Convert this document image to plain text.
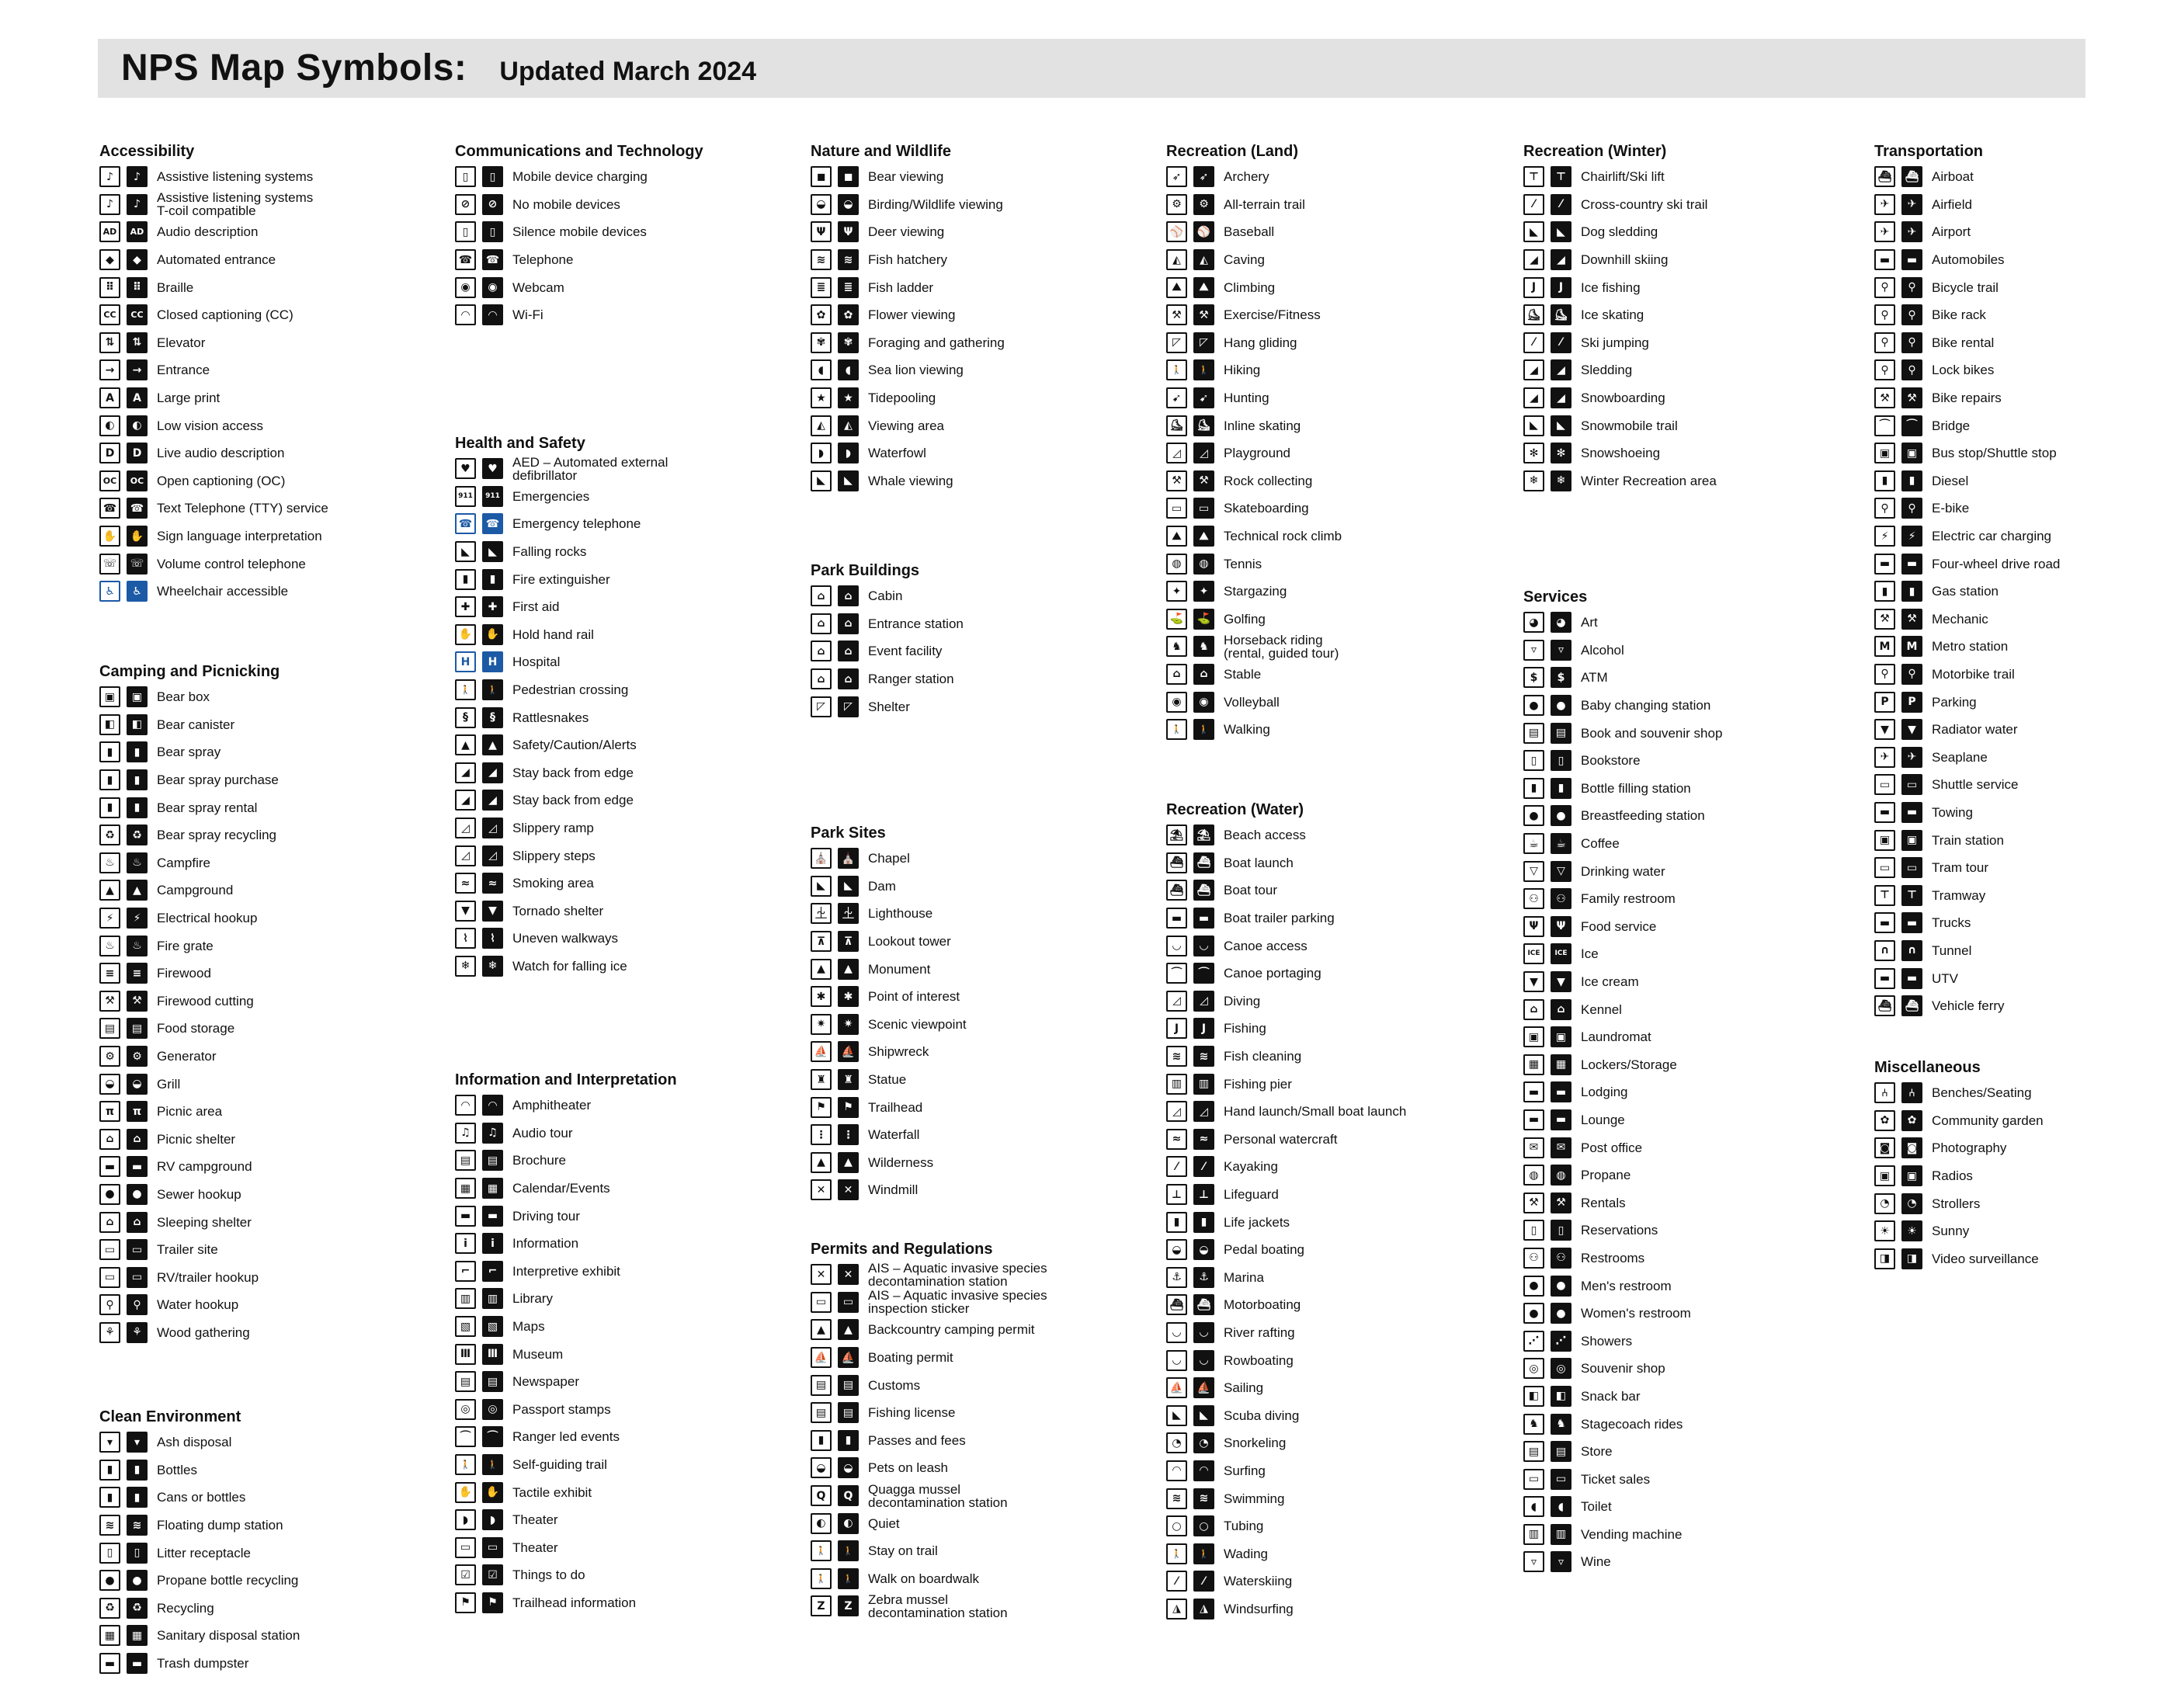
NPS Map Symbols: Updated March 2024
Accessibility
♪	♪	Assistive listening systems
♪	♪	Assistive listening systems
T-coil compatible
AD	AD Audio description
◆	◆	Automated entrance
⠿	⠿	Braille
CC	CC	Closed captioning (CC)
⇅	⇅	Elevator
→	→	Entrance
A	A	Large print
◐	◐	Low vision access
D	D	Live audio description
OC	OC Open captioning (OC)
☎	☎ Text Telephone (TTY) service
✋	✋ Sign language interpretation
☏	☏ Volume control telephone
♿	♿	Wheelchair accessible
Camping and Picnicking
▣	▣	Bear box
◧	◧	Bear canister
▮	▮	Bear spray
▮	▮	Bear spray purchase
▮	▮	Bear spray rental
♻	♻	Bear spray recycling
♨	♨	Campfire
▲	▲	Campground
⚡	⚡	Electrical hookup
♨	♨	Fire grate
≡	≡	Firewood
⚒	⚒	Firewood cutting
▤	▤	Food storage
⚙	⚙	Generator
◒	◒	Grill
π	π	Picnic area
⌂	⌂	Picnic shelter
▬	▬	RV campground
●	●	Sewer hookup
⌂	⌂	Sleeping shelter
▭	▭	Trailer site
▭	▭	RV/trailer hookup
⚲	⚲	Water hookup
⚘	⚘	Wood gathering
Clean Environment
▾	▾	Ash disposal
▮	▮	Bottles
▮	▮	Cans or bottles
≋	≋	Floating dump station
▯	▯	Litter receptacle
●	●	Propane bottle recycling
♻	♻	Recycling
▦	▦	Sanitary disposal station
▬	▬	Trash dumpster
Communications and Technology
▯	▯	Mobile device charging
⊘	⊘	No mobile devices
▯	▯	Silence mobile devices
☎	☎ Telephone
◉	◉	Webcam
◠	◠	Wi-Fi
Health and Safety
♥	♥	AED – Automated external
defibrillator
911	911 Emergencies
☎	☎ Emergency telephone
◣	◣	Falling rocks
▮	▮	Fire extinguisher
✚	✚	First aid
✋	✋ Hold hand rail
H	H	Hospital
🚶	🚶	Pedestrian crossing
§	§	Rattlesnakes
▲	▲	Safety/Caution/Alerts
◢	◢	Stay back from edge
◢	◢	Stay back from edge
◿	◿	Slippery ramp
◿	◿	Slippery steps
≈	≈	Smoking area
▼	▼	Tornado shelter
⌇	⌇	Uneven walkways
❄	❄	Watch for falling ice
Information and Interpretation
◠	◠	Amphitheater
♫	♫	Audio tour
▤	▤	Brochure
▦	▦	Calendar/Events
▬	▬	Driving tour
i	i	Information
⌐	⌐	Interpretive exhibit
▥	▥	Library
▧	▧	Maps
Ⅲ	Ⅲ	Museum
▤	▤	Newspaper
◎	◎	Passport stamps
⌒	⌒	Ranger led events
🚶	🚶	Self-guiding trail
✋	✋ Tactile exhibit
◗	◗	Theater
▭	▭	Theater
☑	☑	Things to do
⚑	⚑	Trailhead information
Nature and Wildlife
◼	◼	Bear viewing
◒	◒	Birding/Wildlife viewing
Ψ	Ψ	Deer viewing
≋	≋	Fish hatchery
≣	≣	Fish ladder
✿	✿	Flower viewing
✾	✾	Foraging and gathering
◖	◖	Sea lion viewing
★	★	Tidepooling
◭	◭	Viewing area
◗	◗	Waterfowl
◣	◣	Whale viewing
Park Buildings
⌂	⌂	Cabin
⌂	⌂	Entrance station
⌂	⌂	Event facility
⌂	⌂	Ranger station
◸	◸	Shelter
Park Sites
⛪	⛪ Chapel
◣	◣	Dam
⏈	⏈	Lighthouse
⊼	⊼	Lookout tower
▲	▲	Monument
✱	✱	Point of interest
✷	✷	Scenic viewpoint
⛵	⛵ Shipwreck
♜	♜	Statue
⚑	⚑	Trailhead
⋮	⋮	Waterfall
▲	▲	Wilderness
✕	✕	Windmill
Permits and Regulations
✕	✕	AIS – Aquatic invasive species
decontamination station
▭	▭	AIS – Aquatic invasive species
inspection sticker
▲	▲	Backcountry camping permit
⛵	⛵ Boating permit
▤	▤	Customs
▤	▤	Fishing license
▮	▮	Passes and fees
◒	◒	Pets on leash
Q	Q	Quagga mussel
decontamination station
◐	◐	Quiet
🚶	🚶	Stay on trail
🚶	🚶	Walk on boardwalk
Z	Z	Zebra mussel
decontamination station
Recreation (Land)
➶	➶	Archery
⚙	⚙	All-terrain trail
⚾	⚾ Baseball
◭	◭	Caving
⛰	⛰	Climbing
⚒	⚒	Exercise/Fitness
◸	◸	Hang gliding
🚶	🚶	Hiking
➹	➹	Hunting
⛸	⛸ Inline skating
◿	◿	Playground
⚒	⚒	Rock collecting
▭	▭	Skateboarding
⛰	⛰	Technical rock climb
◍	◍	Tennis
✦	✦	Stargazing
⛳	⛳ Golfing
♞	♞	Horseback riding
(rental, guided tour)
⌂	⌂	Stable
◉	◉	Volleyball
🚶	🚶	Walking
Recreation (Water)
⛱	⛱ Beach access
⛴	⛴ Boat launch
⛴	⛴ Boat tour
▬	▬	Boat trailer parking
◡	◡	Canoe access
⌒	⌒	Canoe portaging
◿	◿	Diving
J	J	Fishing
≋	≋	Fish cleaning
▥	▥	Fishing pier
◿	◿	Hand launch/Small boat launch
≈	≈	Personal watercraft
⁄	⁄	Kayaking
⊥	⊥	Lifeguard
▮	▮	Life jackets
◒	◒	Pedal boating
⚓	⚓	Marina
⛴	⛴ Motorboating
◡	◡	River rafting
◡	◡	Rowboating
⛵	⛵ Sailing
◣	◣	Scuba diving
◔	◔	Snorkeling
◠	◠	Surfing
≋	≋	Swimming
○	○	Tubing
🚶	🚶	Wading
⁄	⁄	Waterskiing
◮	◮	Windsurfing
Recreation (Winter)
⊤	⊤	Chairlift/Ski lift
⁄	⁄	Cross-country ski trail
◣	◣	Dog sledding
◢	◢	Downhill skiing
J	J	Ice fishing
⛸	⛸ Ice skating
⁄	⁄	Ski jumping
◢	◢	Sledding
◢	◢	Snowboarding
◣	◣	Snowmobile trail
✻	✻	Snowshoeing
❄	❄	Winter Recreation area
Services
◕	◕	Art
▿	▿	Alcohol
$	$	ATM
●	●	Baby changing station
▤	▤	Book and souvenir shop
▯	▯	Bookstore
▮	▮	Bottle filling station
●	●	Breastfeeding station
☕	☕	Coffee
▽	▽	Drinking water
⚇	⚇	Family restroom
Ψ	Ψ	Food service
ICE	ICE	Ice
▼	▼	Ice cream
⌂	⌂	Kennel
▣	▣	Laundromat
▦	▦	Lockers/Storage
▬	▬	Lodging
▬	▬	Lounge
✉	✉	Post office
◍	◍	Propane
⚒	⚒	Rentals
▯	▯	Reservations
⚇	⚇	Restrooms
●	●	Men's restroom
●	●	Women's restroom
⋰	⋰	Showers
◎	◎	Souvenir shop
◧	◧	Snack bar
♞	♞	Stagecoach rides
▤	▤	Store
▭	▭	Ticket sales
◖	◖	Toilet
▥	▥	Vending machine
▿	▿	Wine
Transportation
⛴	⛴ Airboat
✈	✈	Airfield
✈	✈	Airport
▬	▬	Automobiles
⚲	⚲	Bicycle trail
⚲	⚲	Bike rack
⚲	⚲	Bike rental
⚲	⚲	Lock bikes
⚒	⚒	Bike repairs
⌒	⌒	Bridge
▣	▣	Bus stop/Shuttle stop
▮	▮	Diesel
⚲	⚲	E-bike
⚡	⚡	Electric car charging
▬	▬	Four-wheel drive road
▮	▮	Gas station
⚒	⚒	Mechanic
M	M	Metro station
⚲	⚲	Motorbike trail
P	P	Parking
▼	▼	Radiator water
✈	✈	Seaplane
▭	▭	Shuttle service
▬	▬	Towing
▣	▣	Train station
▭	▭	Tram tour
⊤	⊤	Tramway
▬	▬	Trucks
∩	∩	Tunnel
▬	▬	UTV
⛴	⛴ Vehicle ferry
Miscellaneous
⑃	⑃	Benches/Seating
✿	✿	Community garden
◙	◙	Photography
▣	▣	Radios
◔	◔	Strollers
☀	☀	Sunny
◨	◨	Video surveillance
